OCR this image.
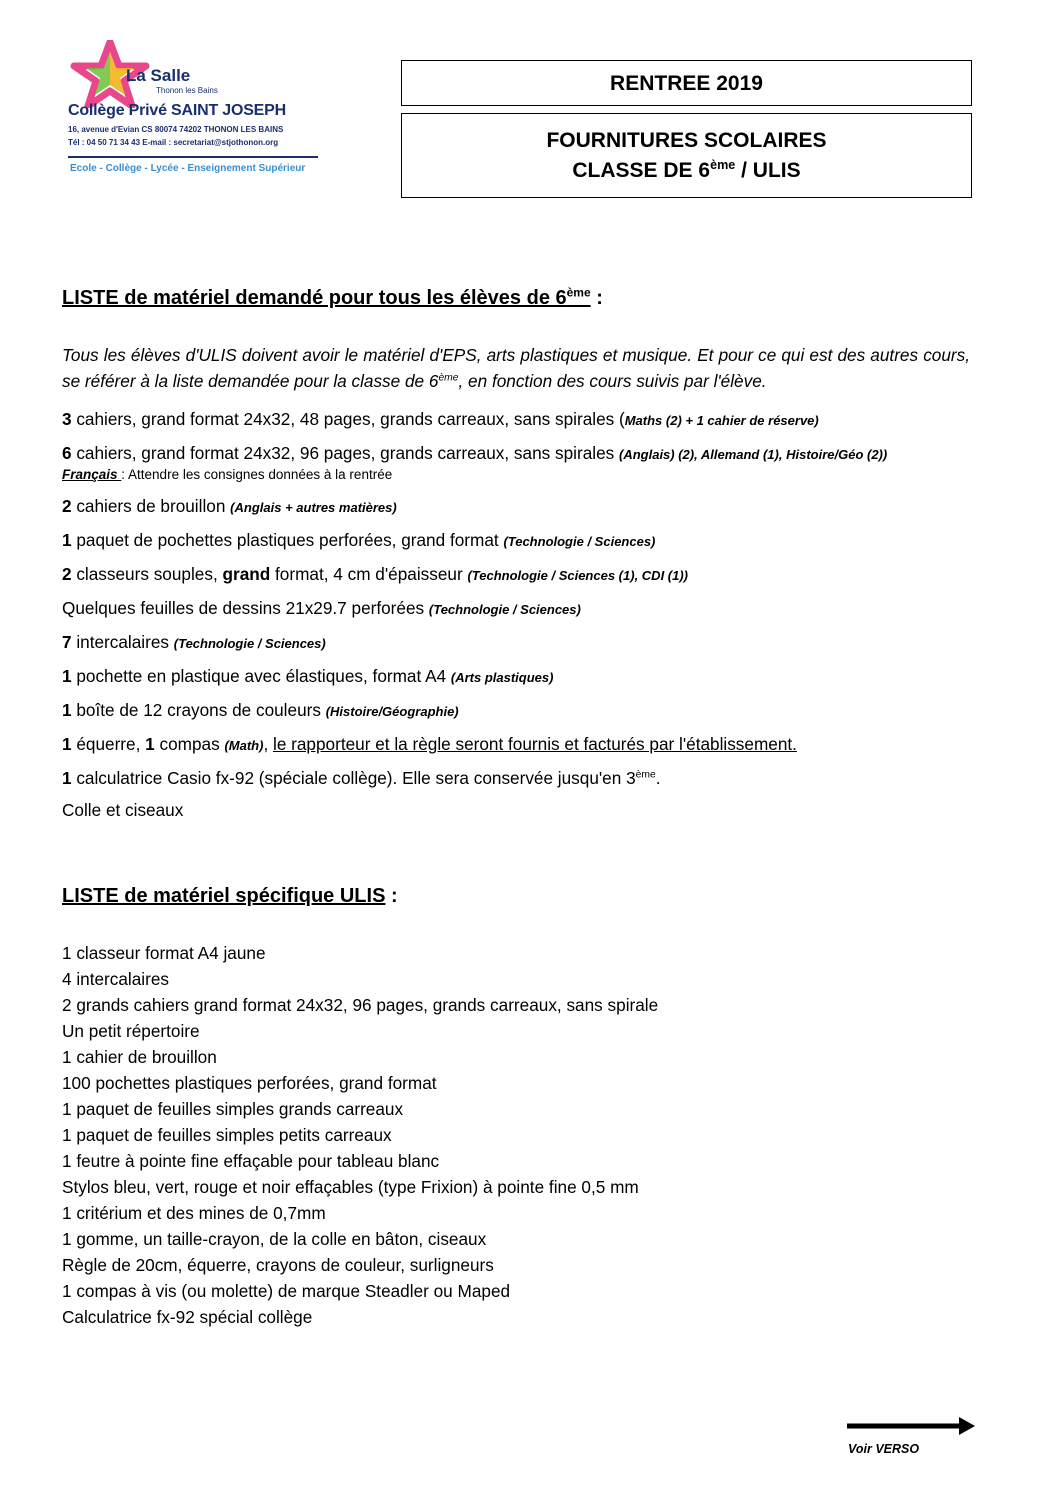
La Salle
Thonon les Bains
Collège Privé SAINT JOSEPH
16, avenue d'Evian CS 80074 74202 THONON LES BAINS
Tél : 04 50 71 34 43 E-mail : secretariat@stjothonon.org
Ecole - Collège - Lycée - Enseignement Supérieur
RENTREE 2019
FOURNITURES SCOLAIRES
CLASSE DE 6ème / ULIS
LISTE de matériel demandé pour tous les élèves de 6ème :
Tous les élèves d'ULIS doivent avoir le matériel d'EPS, arts plastiques et musique. Et pour ce qui est des autres cours, se référer à la liste demandée pour la classe de 6ème, en fonction des cours suivis par l'élève.
3 cahiers, grand format 24x32, 48 pages, grands carreaux, sans spirales (Maths (2) + 1 cahier de réserve)
6 cahiers, grand format 24x32, 96 pages, grands carreaux, sans spirales (Anglais) (2), Allemand (1), Histoire/Géo (2))
Français : Attendre les consignes données à la rentrée
2 cahiers de brouillon (Anglais + autres matières)
1 paquet de pochettes plastiques perforées, grand format (Technologie / Sciences)
2 classeurs souples, grand format, 4 cm d'épaisseur (Technologie / Sciences (1), CDI (1))
Quelques feuilles de dessins 21x29.7 perforées (Technologie / Sciences)
7 intercalaires (Technologie / Sciences)
1 pochette en plastique avec élastiques, format A4 (Arts plastiques)
1 boîte de 12 crayons de couleurs (Histoire/Géographie)
1 équerre, 1 compas (Math), le rapporteur et la règle seront fournis et facturés par l'établissement.
1 calculatrice Casio fx-92 (spéciale collège). Elle sera conservée jusqu'en 3ème.
Colle et ciseaux
LISTE de matériel spécifique ULIS :
1 classeur format A4 jaune
4 intercalaires
2 grands cahiers grand format 24x32, 96 pages, grands carreaux, sans spirale
Un petit répertoire
1 cahier de brouillon
100 pochettes plastiques perforées, grand format
1 paquet de feuilles simples grands carreaux
1 paquet de feuilles simples petits carreaux
1 feutre à pointe fine effaçable pour tableau blanc
Stylos bleu, vert, rouge et noir effaçables (type Frixion) à pointe fine 0,5 mm
1 critérium et des mines de 0,7mm
1 gomme, un taille-crayon, de la colle en bâton, ciseaux
Règle de 20cm, équerre, crayons de couleur, surligneurs
1 compas à vis (ou molette) de marque Steadler ou Maped
Calculatrice fx-92 spécial collège
Voir VERSO
